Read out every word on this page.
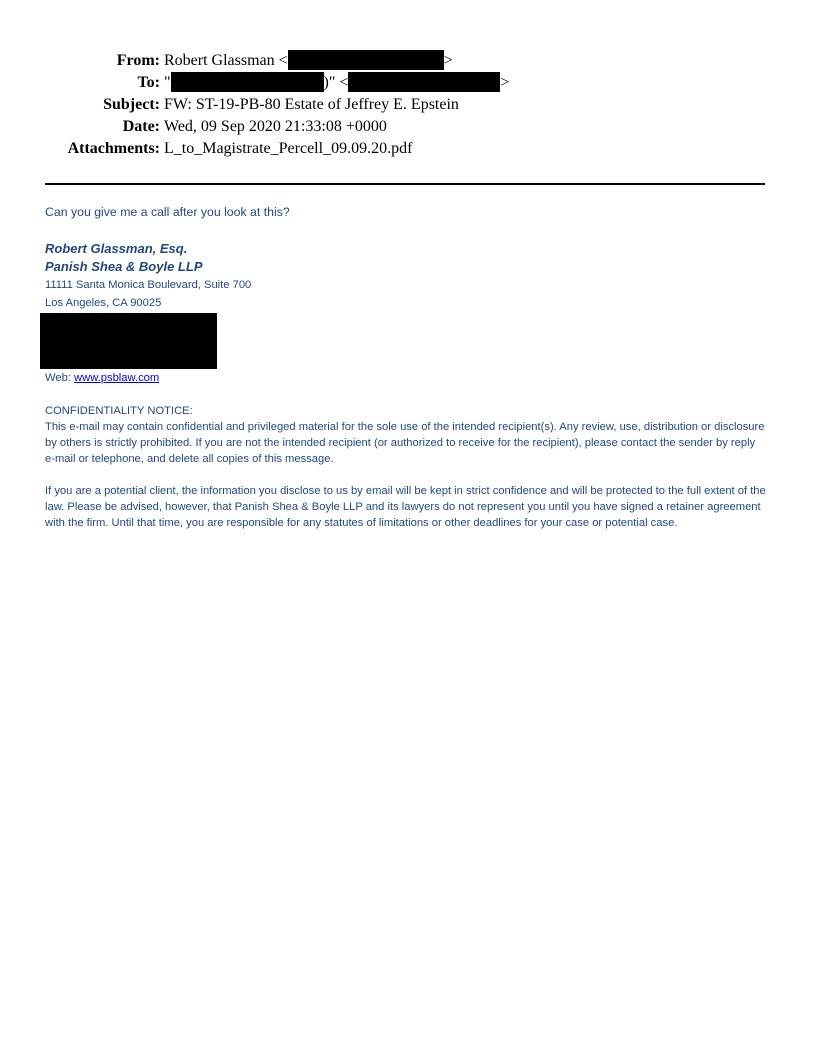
From: Robert Glassman <	>
To: "	)" <	>
Subject: FW: ST-19-PB-80 Estate of Jeffrey E. Epstein
Date: Wed, 09 Sep 2020 21:33:08 +0000
Attachments: L_to_Magistrate_Percell_09.09.20.pdf

Can you give me a call after you look at this?

Robert Glassman, Esq.
Panish Shea & Boyle LLP
11111 Santa Monica Boulevard, Suite 700
Los Angeles, CA 90025
Web: www.psblaw.com
CONFIDENTIALITY NOTICE:

This e-mail may contain confidential and privileged material for the sole use of the intended recipient(s). Any review, use, distribution or disclosure by others is strictly prohibited. If you are not the intended recipient (or authorized to receive for the recipient), please contact the sender by reply e-mail or telephone, and delete all copies of this message.

If you are a potential client, the information you disclose to us by email will be kept in strict confidence and will be protected to the full extent of the law. Please be advised, however, that Panish Shea & Boyle LLP and its lawyers do not represent you until you have signed a retainer agreement with the firm. Until that time, you are responsible for any statutes of limitations or other deadlines for your case or potential case.
